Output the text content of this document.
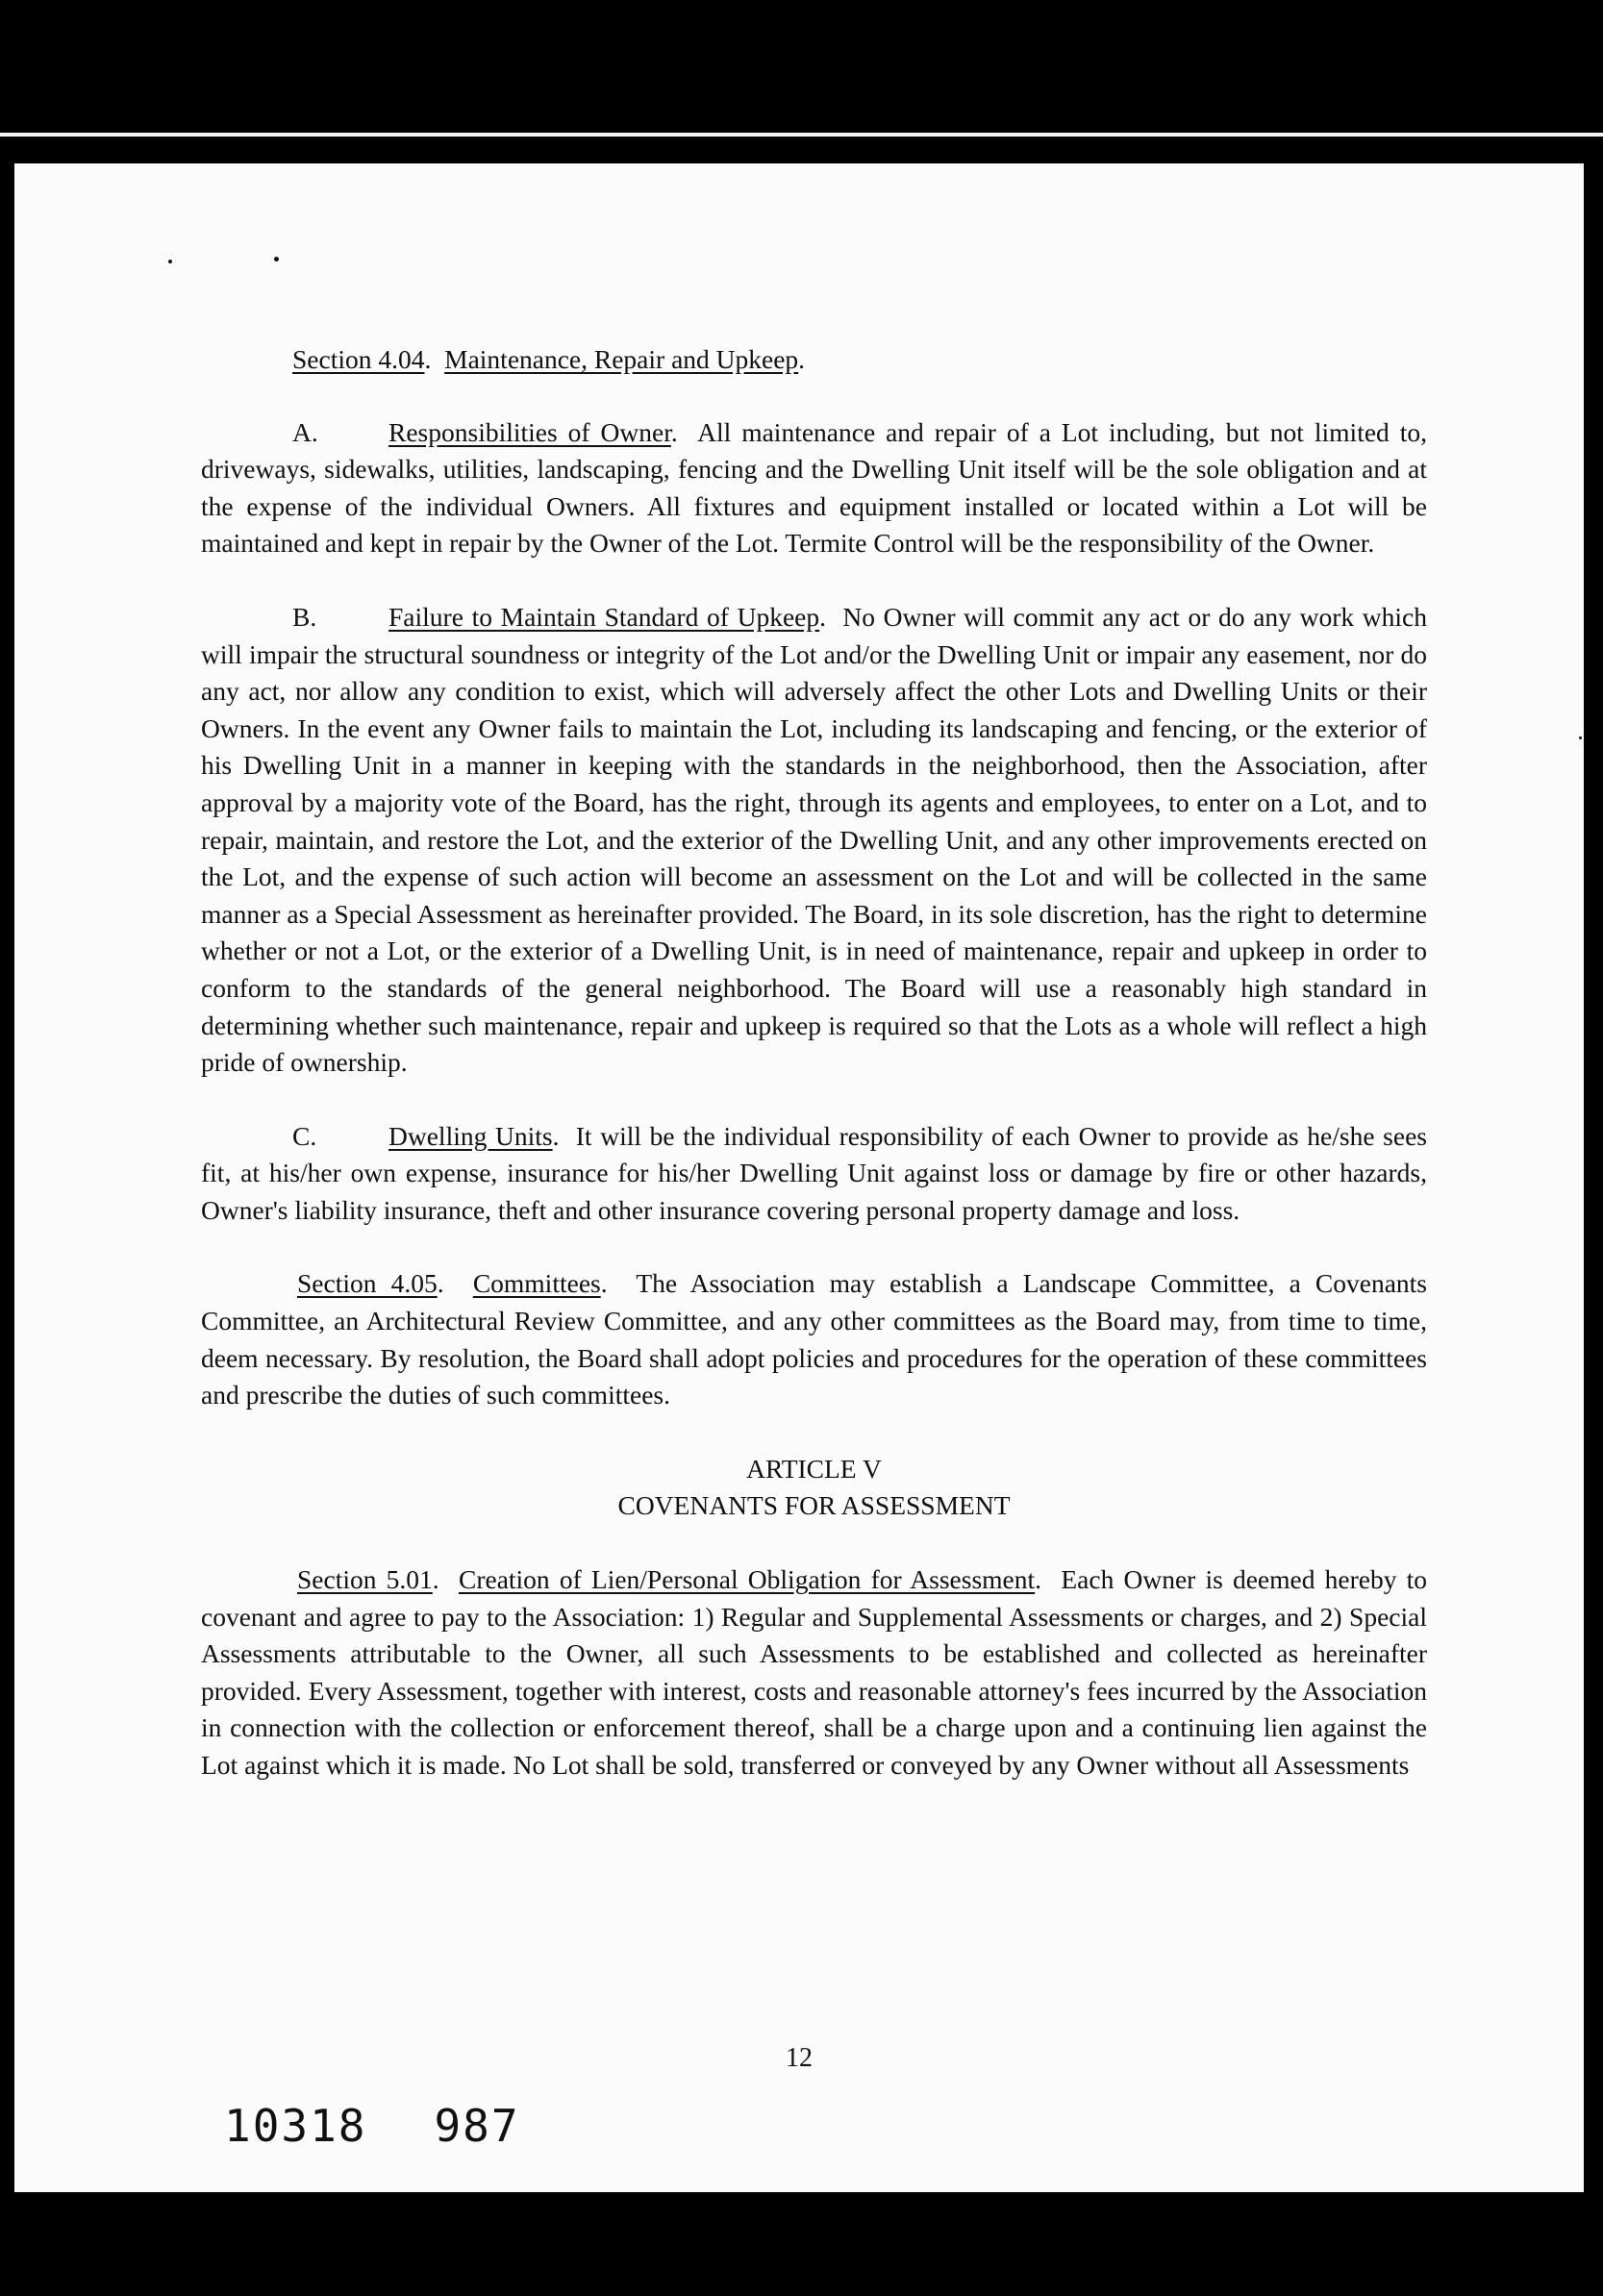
Section 4.04.  Maintenance, Repair and Upkeep.

A.	Responsibilities of Owner.  All maintenance and repair of a Lot including, but not limited to, driveways, sidewalks, utilities, landscaping, fencing and the Dwelling Unit itself will be the sole obligation and at the expense of the individual Owners. All fixtures and equipment installed or located within a Lot will be maintained and kept in repair by the Owner of the Lot. Termite Control will be the responsibility of the Owner.

B.	Failure to Maintain Standard of Upkeep.  No Owner will commit any act or do any work which will impair the structural soundness or integrity of the Lot and/or the Dwelling Unit or impair any easement, nor do any act, nor allow any condition to exist, which will adversely affect the other Lots and Dwelling Units or their Owners. In the event any Owner fails to maintain the Lot, including its landscaping and fencing, or the exterior of his Dwelling Unit in a manner in keeping with the standards in the neighborhood, then the Association, after approval by a majority vote of the Board, has the right, through its agents and employees, to enter on a Lot, and to repair, maintain, and restore the Lot, and the exterior of the Dwelling Unit, and any other improvements erected on the Lot, and the expense of such action will become an assessment on the Lot and will be collected in the same manner as a Special Assessment as hereinafter provided. The Board, in its sole discretion, has the right to determine whether or not a Lot, or the exterior of a Dwelling Unit, is in need of maintenance, repair and upkeep in order to conform to the standards of the general neighborhood. The Board will use a reasonably high standard in determining whether such maintenance, repair and upkeep is required so that the Lots as a whole will reflect a high pride of ownership.

C.	Dwelling Units.  It will be the individual responsibility of each Owner to provide as he/she sees fit, at his/her own expense, insurance for his/her Dwelling Unit against loss or damage by fire or other hazards, Owner's liability insurance, theft and other insurance covering personal property damage and loss.

Section 4.05.  Committees.  The Association may establish a Landscape Committee, a Covenants Committee, an Architectural Review Committee, and any other committees as the Board may, from time to time, deem necessary. By resolution, the Board shall adopt policies and procedures for the operation of these committees and prescribe the duties of such committees.

ARTICLE V
COVENANTS FOR ASSESSMENT

Section 5.01.  Creation of Lien/Personal Obligation for Assessment.  Each Owner is deemed hereby to covenant and agree to pay to the Association: 1) Regular and Supplemental Assessments or charges, and 2) Special Assessments attributable to the Owner, all such Assessments to be established and collected as hereinafter provided. Every Assessment, together with interest, costs and reasonable attorney's fees incurred by the Association in connection with the collection or enforcement thereof, shall be a charge upon and a continuing lien against the Lot against which it is made. No Lot shall be sold, transferred or conveyed by any Owner without all Assessments

12
10318 987
